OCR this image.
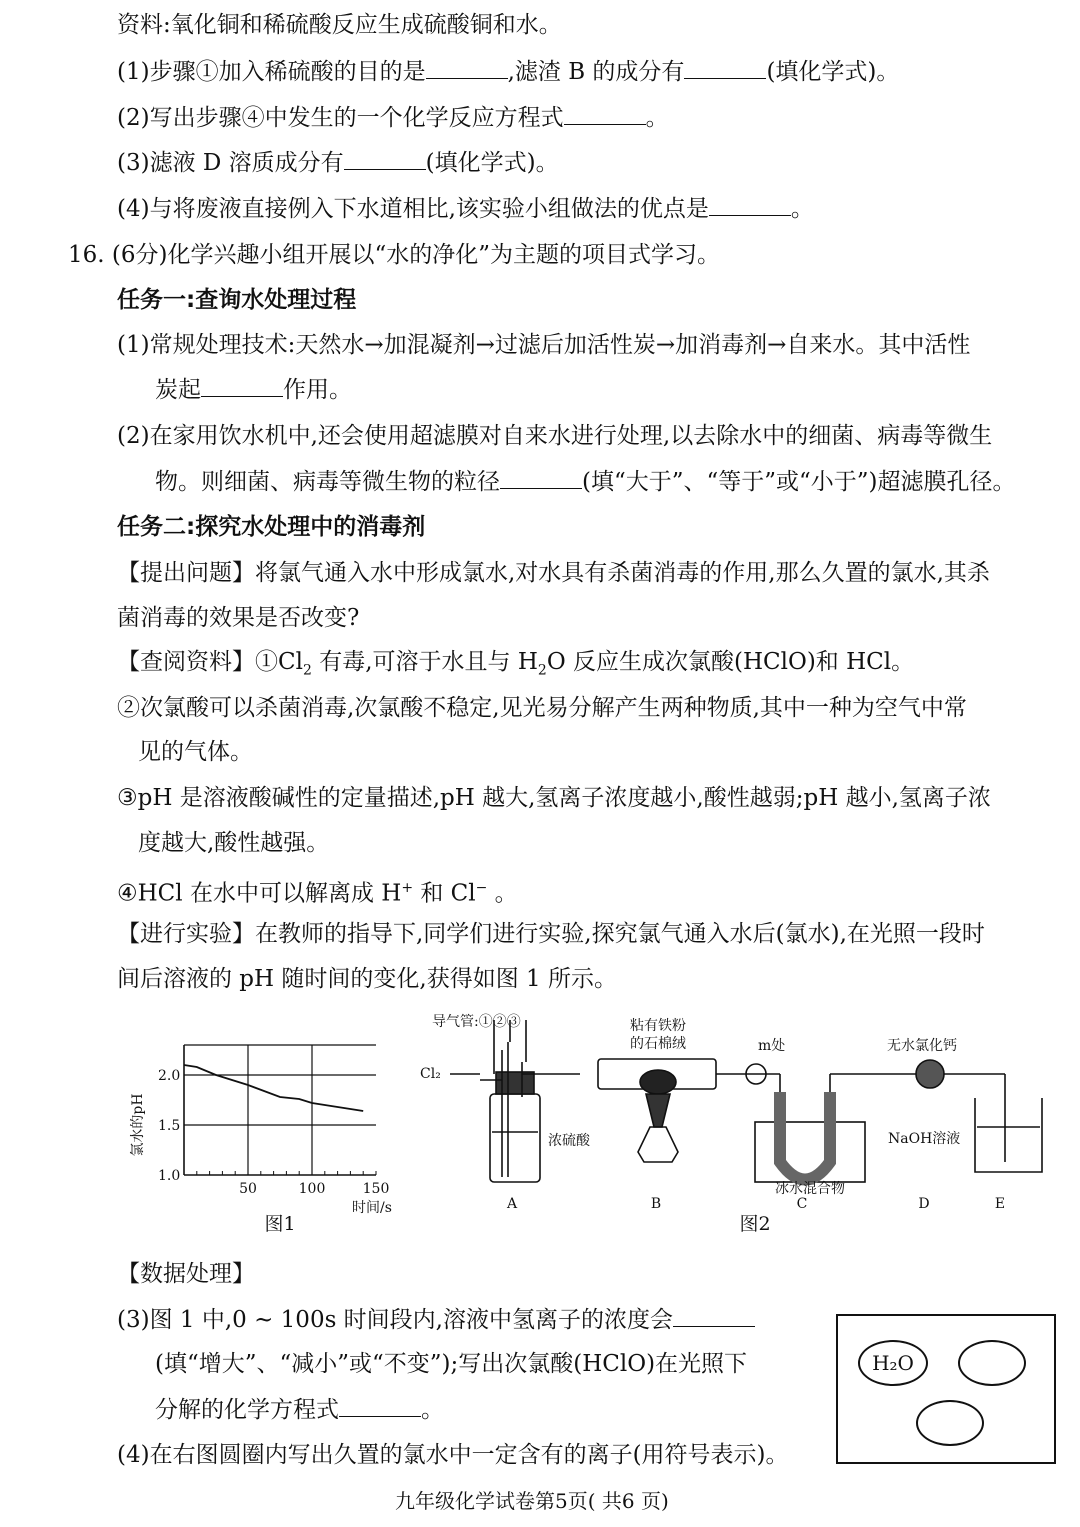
资料:氧化铜和稀硫酸反应生成硫酸铜和水。
(1)步骤①加入稀硫酸的目的是	,滤渣 B 的成分有	(填化学式)。
(2)写出步骤④中发生的一个化学反应方程式	。
(3)滤液 D 溶质成分有	(填化学式)。
(4)与将废液直接例入下水道相比,该实验小组做法的优点是	。
16. (6分)化学兴趣小组开展以“水的净化”为主题的项目式学习。
任务一:查询水处理过程
(1)常规处理技术:天然水→加混凝剂→过滤后加活性炭→加消毒剂→自来水。其中活性
炭起	作用。
(2)在家用饮水机中,还会使用超滤膜对自来水进行处理,以去除水中的细菌、病毒等微生
物。则细菌、病毒等微生物的粒径	(填“大于”、“等于”或“小于”)超滤膜孔径。
任务二:探究水处理中的消毒剂
【提出问题】将氯气通入水中形成氯水,对水具有杀菌消毒的作用,那么久置的氯水,其杀
菌消毒的效果是否改变?
【查阅资料】$①Cl_2$ 有毒,可溶于水且与 $H_2O$ 反应生成次氯酸(HClO)和 HCl。
②次氯酸可以杀菌消毒,次氯酸不稳定,见光易分解产生两种物质,其中一种为空气中常
见的气体。
③pH 是溶液酸碱性的定量描述,pH 越大,氢离子浓度越小,酸性越弱;pH 越小,氢离子浓
度越大,酸性越强。
④HCl 在水中可以解离成 H+ 和 Cl− 。
【进行实验】在教师的指导下,同学们进行实验,探究氯气通入水后(氯水),在光照一段时
间后溶液的 pH 随时间的变化,获得如图 1 所示。
氯水的pH
2.0
1.5
1.0
50	100	150
时间/s
图1
导气管:①②③
Cl₂
粘有铁粉
的石棉绒	m处	无水氯化钙
浓硫酸	NaOH溶液
冰水混合物
A	B	C	D	E
图2
【数据处理】
(3)图 1 中,0 ~ 100s 时间段内,溶液中氢离子的浓度会
(填“增大”、“减小”或“不变”);写出次氯酸(HClO)在光照下
分解的化学方程式	。
(4)在右图圆圈内写出久置的氯水中一定含有的离子(用符号表示)。
H₂O
九年级化学试卷第5页( 共6 页)
